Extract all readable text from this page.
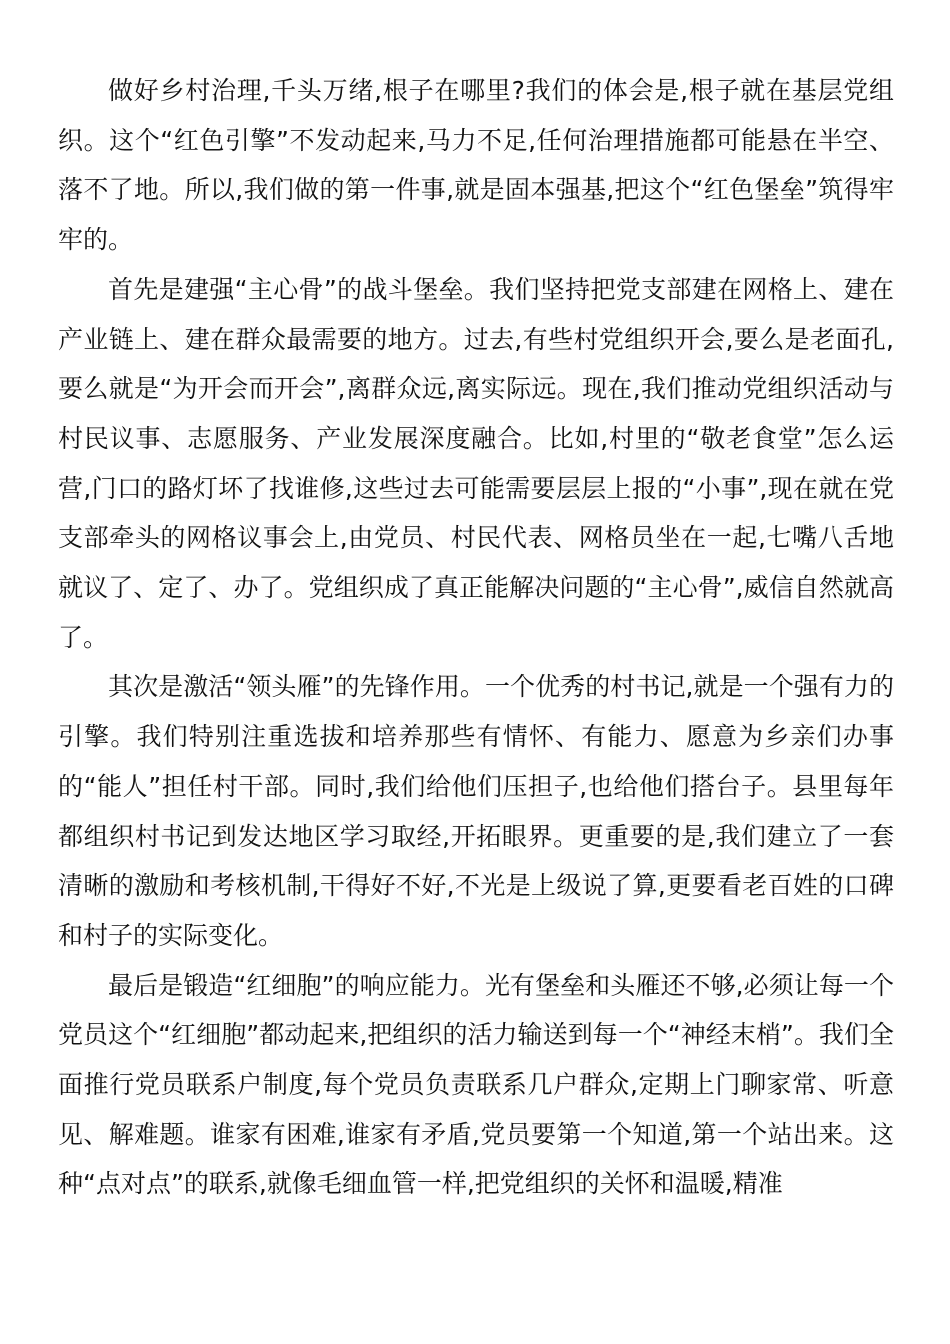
做好乡村治理,千头万绪,根子在哪里?我们的体会是,根子就在基层党组织。这个“红色引擎”不发动起来,马力不足,任何治理措施都可能悬在半空、落不了地。所以,我们做的第一件事,就是固本强基,把这个“红色堡垒”筑得牢牢的。

首先是建强“主心骨”的战斗堡垒。我们坚持把党支部建在网格上、建在产业链上、建在群众最需要的地方。过去,有些村党组织开会,要么是老面孔,要么就是“为开会而开会”,离群众远,离实际远。现在,我们推动党组织活动与村民议事、志愿服务、产业发展深度融合。比如,村里的“敬老食堂”怎么运营,门口的路灯坏了找谁修,这些过去可能需要层层上报的“小事”,现在就在党支部牵头的网格议事会上,由党员、村民代表、网格员坐在一起,七嘴八舌地就议了、定了、办了。党组织成了真正能解决问题的“主心骨”,威信自然就高了。

其次是激活“领头雁”的先锋作用。一个优秀的村书记,就是一个强有力的引擎。我们特别注重选拔和培养那些有情怀、有能力、愿意为乡亲们办事的“能人”担任村干部。同时,我们给他们压担子,也给他们搭台子。县里每年都组织村书记到发达地区学习取经,开拓眼界。更重要的是,我们建立了一套清晰的激励和考核机制,干得好不好,不光是上级说了算,更要看老百姓的口碑和村子的实际变化。

最后是锻造“红细胞”的响应能力。光有堡垒和头雁还不够,必须让每一个党员这个“红细胞”都动起来,把组织的活力输送到每一个“神经末梢”。我们全面推行党员联系户制度,每个党员负责联系几户群众,定期上门聊家常、听意见、解难题。谁家有困难,谁家有矛盾,党员要第一个知道,第一个站出来。这种“点对点”的联系,就像毛细血管一样,把党组织的关怀和温暖,精准
